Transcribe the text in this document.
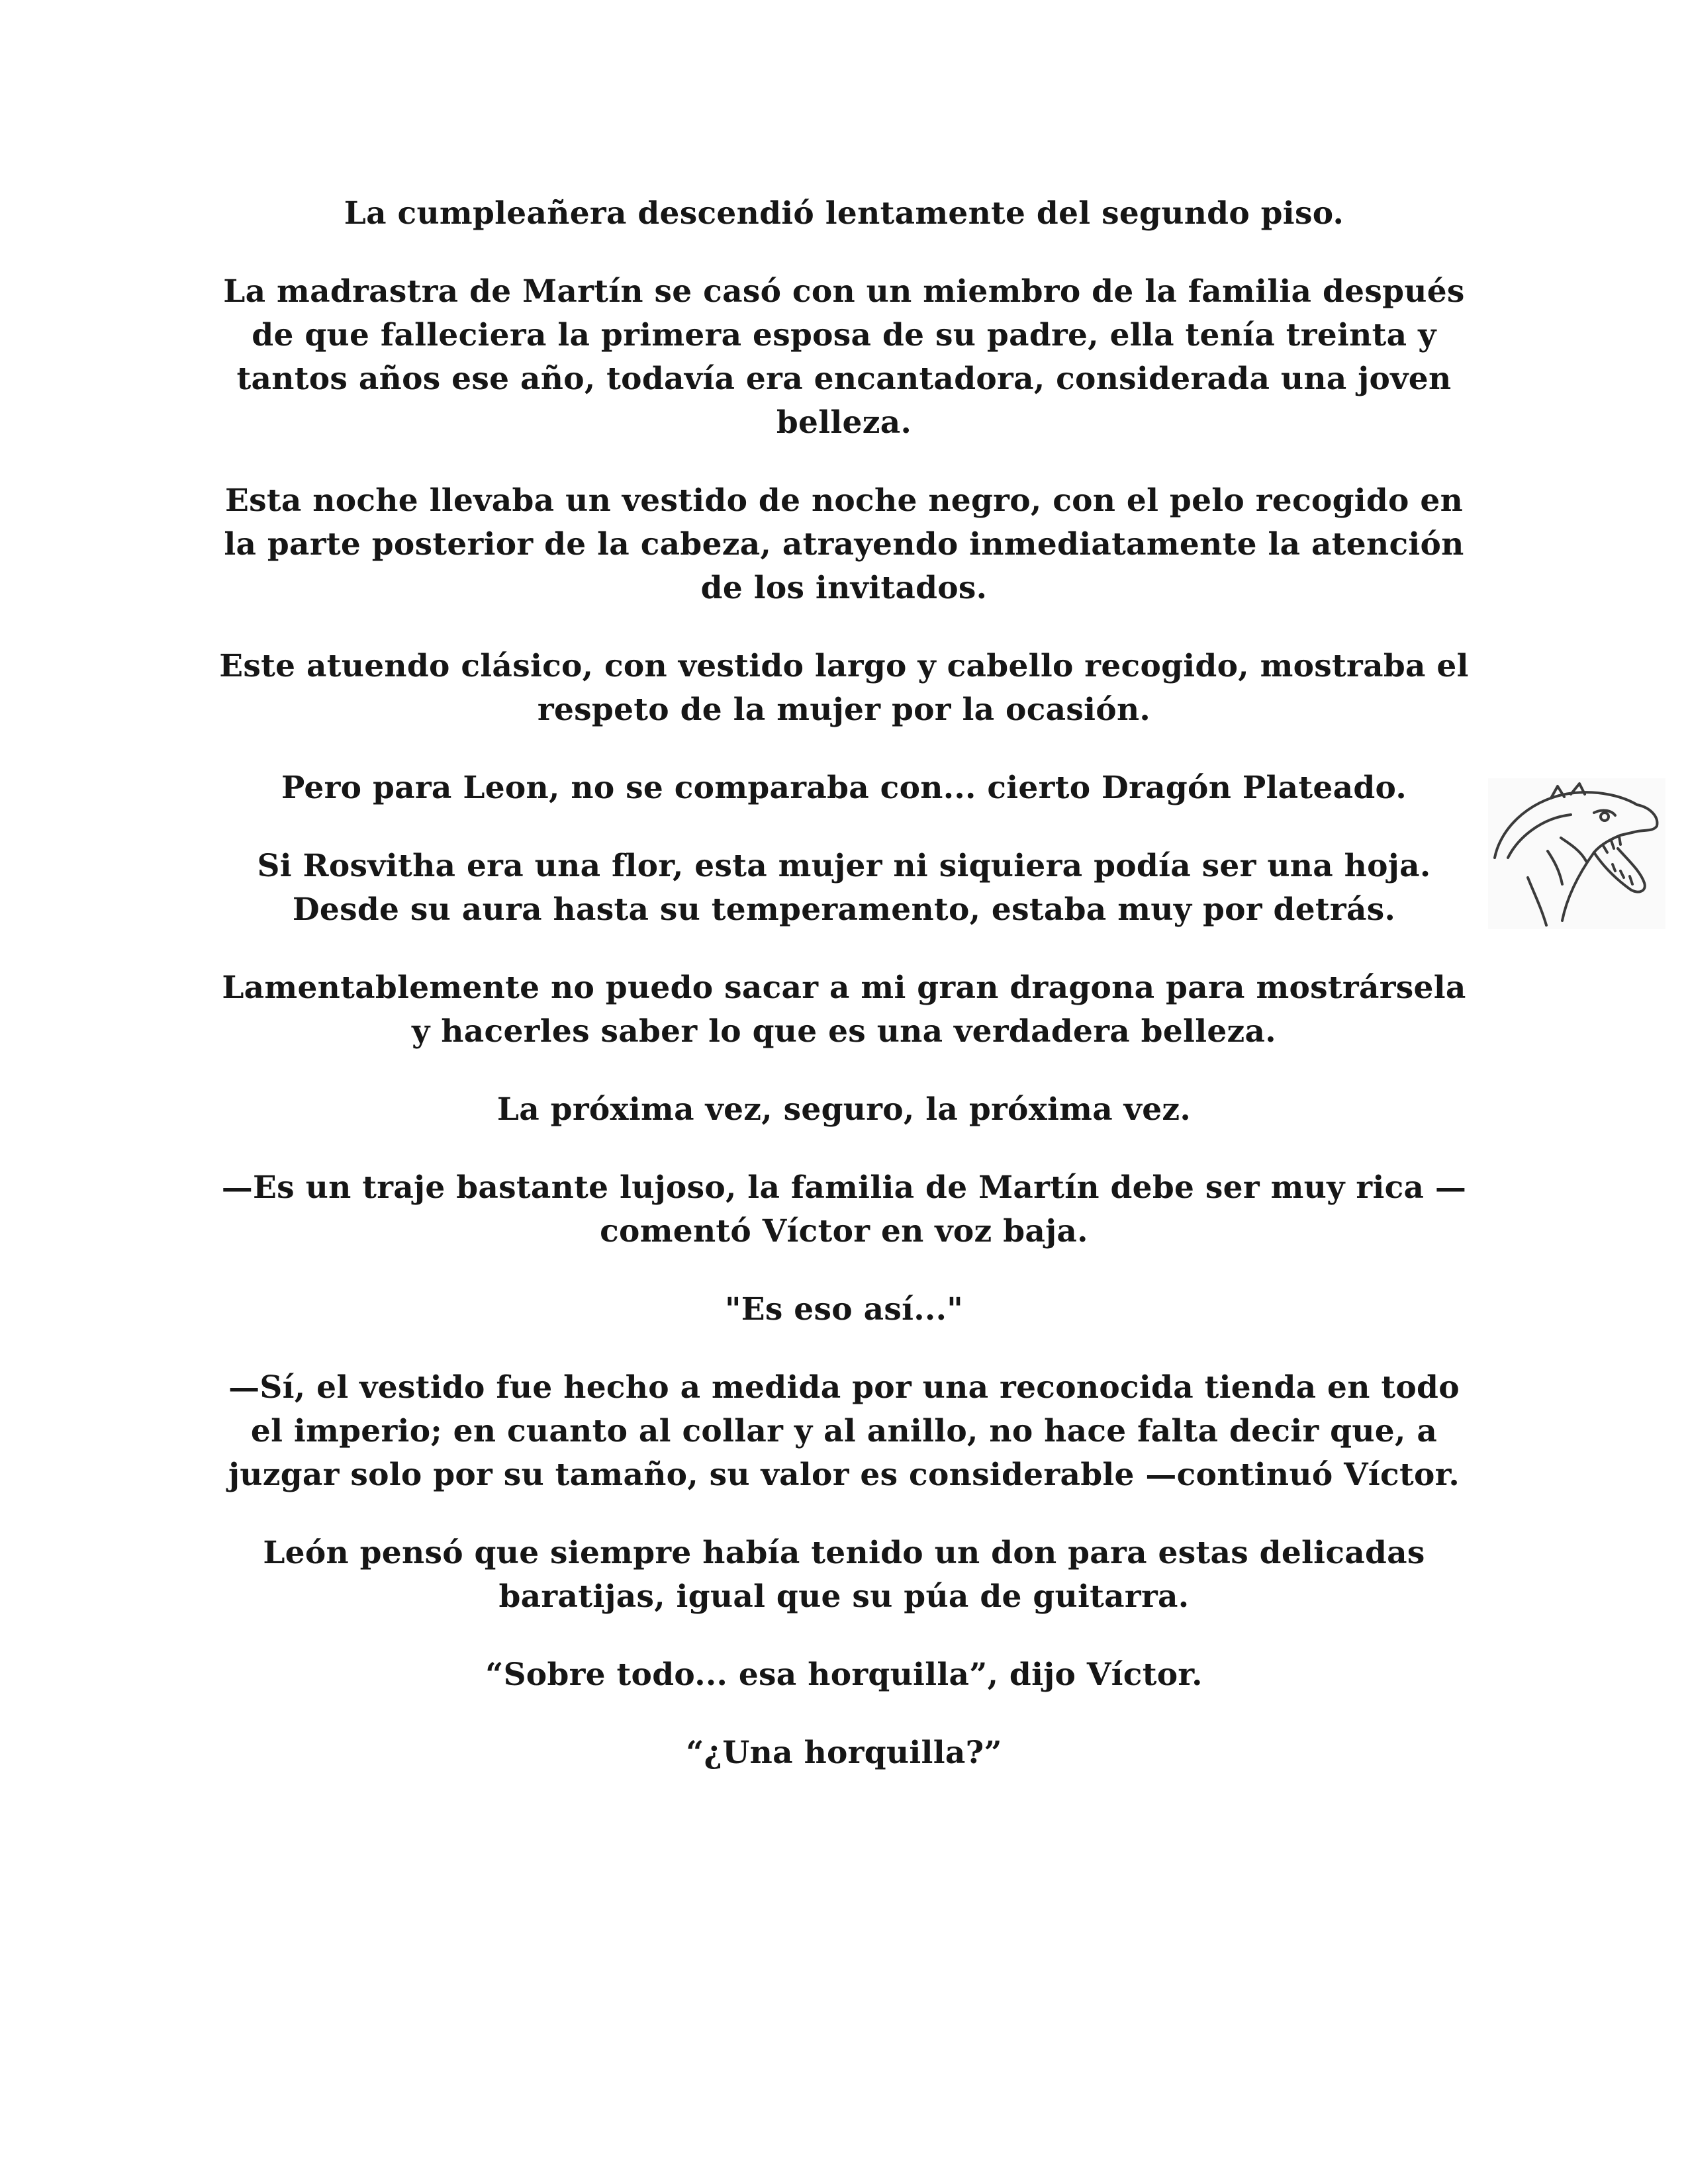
La cumpleañera descendió lentamente del segundo piso.

La madrastra de Martín se casó con un miembro de la familia después de que falleciera la primera esposa de su padre, ella tenía treinta y tantos años ese año, todavía era encantadora, considerada una joven belleza.

Esta noche llevaba un vestido de noche negro, con el pelo recogido en la parte posterior de la cabeza, atrayendo inmediatamente la atención de los invitados.

Este atuendo clásico, con vestido largo y cabello recogido, mostraba el respeto de la mujer por la ocasión.

Pero para Leon, no se comparaba con... cierto Dragón Plateado.

Si Rosvitha era una flor, esta mujer ni siquiera podía ser una hoja. Desde su aura hasta su temperamento, estaba muy por detrás.

Lamentablemente no puedo sacar a mi gran dragona para mostrársela y hacerles saber lo que es una verdadera belleza.

La próxima vez, seguro, la próxima vez.

—Es un traje bastante lujoso, la familia de Martín debe ser muy rica —comentó Víctor en voz baja.

"Es eso así..."

—Sí, el vestido fue hecho a medida por una reconocida tienda en todo el imperio; en cuanto al collar y al anillo, no hace falta decir que, a juzgar solo por su tamaño, su valor es considerable —continuó Víctor.

León pensó que siempre había tenido un don para estas delicadas baratijas, igual que su púa de guitarra.

“Sobre todo... esa horquilla”, dijo Víctor.

“¿Una horquilla?”
